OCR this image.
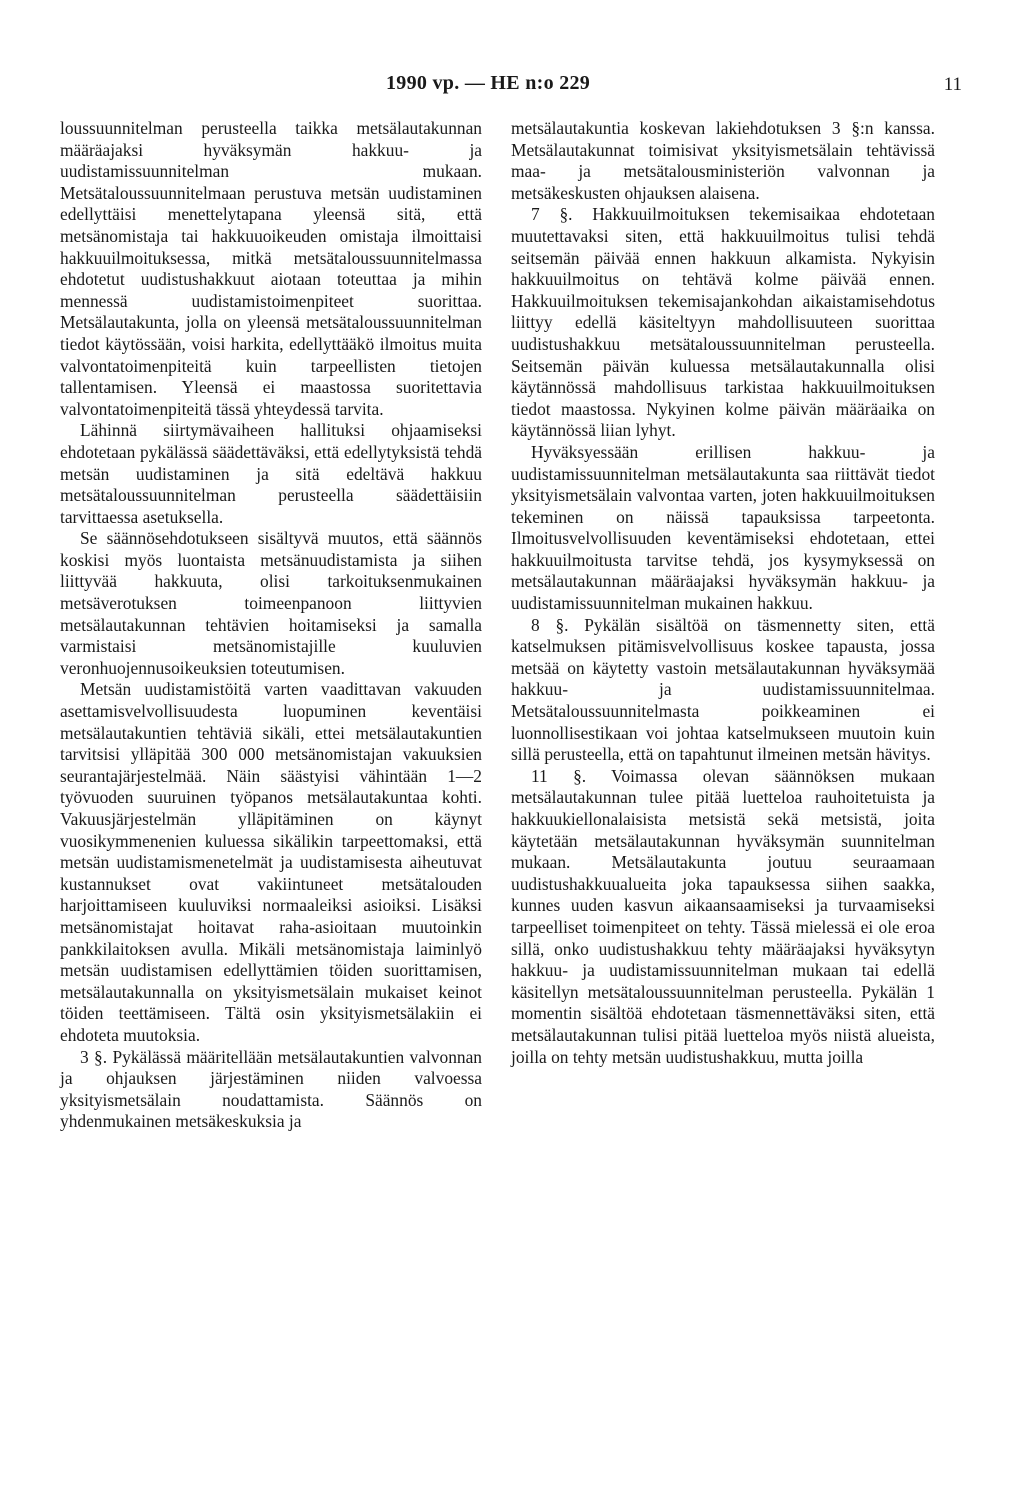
1990 vp. — HE n:o 229	11

loussuunnitelman perusteella taikka metsälautakunnan määräajaksi hyväksymän hakkuu- ja uudistamissuunnitelman mukaan. Metsätaloussuunnitelmaan perustuva metsän uudistaminen edellyttäisi menettelytapana yleensä sitä, että metsänomistaja tai hakkuuoikeuden omistaja ilmoittaisi hakkuuilmoituksessa, mitkä metsätaloussuunnitelmassa ehdotetut uudistushakkuut aiotaan toteuttaa ja mihin mennessä uudistamistoimenpiteet suorittaa. Metsälautakunta, jolla on yleensä metsätaloussuunnitelman tiedot käytössään, voisi harkita, edellyttääkö ilmoitus muita valvontatoimenpiteitä kuin tarpeellisten tietojen tallentamisen. Yleensä ei maastossa suoritettavia valvontatoimenpiteitä tässä yhteydessä tarvita.

Lähinnä siirtymävaiheen hallituksi ohjaamiseksi ehdotetaan pykälässä säädettäväksi, että edellytyksistä tehdä metsän uudistaminen ja sitä edeltävä hakkuu metsätaloussuunnitelman perusteella säädettäisiin tarvittaessa asetuksella.

Se säännösehdotukseen sisältyvä muutos, että säännös koskisi myös luontaista metsänuudistamista ja siihen liittyvää hakkuuta, olisi tarkoituksenmukainen metsäverotuksen toimeenpanoon liittyvien metsälautakunnan tehtävien hoitamiseksi ja samalla varmistaisi metsänomistajille kuuluvien veronhuojennusoikeuksien toteutumisen.

Metsän uudistamistöitä varten vaadittavan vakuuden asettamisvelvollisuudesta luopuminen keventäisi metsälautakuntien tehtäviä sikäli, ettei metsälautakuntien tarvitsisi ylläpitää 300 000 metsänomistajan vakuuksien seurantajärjestelmää. Näin säästyisi vähintään 1—2 työvuoden suuruinen työpanos metsälautakuntaa kohti. Vakuusjärjestelmän ylläpitäminen on käynyt vuosikymmenenien kuluessa sikälikin tarpeettomaksi, että metsän uudistamismenetelmät ja uudistamisesta aiheutuvat kustannukset ovat vakiintuneet metsätalouden harjoittamiseen kuuluviksi normaaleiksi asioiksi. Lisäksi metsänomistajat hoitavat raha-asioitaan muutoinkin pankkilaitoksen avulla. Mikäli metsänomistaja laiminlyö metsän uudistamisen edellyttämien töiden suorittamisen, metsälautakunnalla on yksityismetsälain mukaiset keinot töiden teettämiseen. Tältä osin yksityismetsälakiin ei ehdoteta muutoksia.

3 §. Pykälässä määritellään metsälautakuntien valvonnan ja ohjauksen järjestäminen niiden valvoessa yksityismetsälain noudattamista. Säännös on yhdenmukainen metsäkeskuksia ja

metsälautakuntia koskevan lakiehdotuksen 3 §:n kanssa. Metsälautakunnat toimisivat yksityismetsälain tehtävissä maa- ja metsätalousministeriön valvonnan ja metsäkeskusten ohjauksen alaisena.

7 §. Hakkuuilmoituksen tekemisaikaa ehdotetaan muutettavaksi siten, että hakkuuilmoitus tulisi tehdä seitsemän päivää ennen hakkuun alkamista. Nykyisin hakkuuilmoitus on tehtävä kolme päivää ennen. Hakkuuilmoituksen tekemisajankohdan aikaistamisehdotus liittyy edellä käsiteltyyn mahdollisuuteen suorittaa uudistushakkuu metsätaloussuunnitelman perusteella. Seitsemän päivän kuluessa metsälautakunnalla olisi käytännössä mahdollisuus tarkistaa hakkuuilmoituksen tiedot maastossa. Nykyinen kolme päivän määräaika on käytännössä liian lyhyt.

Hyväksyessään erillisen hakkuu- ja uudistamissuunnitelman metsälautakunta saa riittävät tiedot yksityismetsälain valvontaa varten, joten hakkuuilmoituksen tekeminen on näissä tapauksissa tarpeetonta. Ilmoitusvelvollisuuden keventämiseksi ehdotetaan, ettei hakkuuilmoitusta tarvitse tehdä, jos kysymyksessä on metsälautakunnan määräajaksi hyväksymän hakkuu- ja uudistamissuunnitelman mukainen hakkuu.

8 §. Pykälän sisältöä on täsmennetty siten, että katselmuksen pitämisvelvollisuus koskee tapausta, jossa metsää on käytetty vastoin metsälautakunnan hyväksymää hakkuu- ja uudistamissuunnitelmaa. Metsätaloussuunnitelmasta poikkeaminen ei luonnollisestikaan voi johtaa katselmukseen muutoin kuin sillä perusteella, että on tapahtunut ilmeinen metsän hävitys.

11 §. Voimassa olevan säännöksen mukaan metsälautakunnan tulee pitää luetteloa rauhoitetuista ja hakkuukiellonalaisista metsistä sekä metsistä, joita käytetään metsälautakunnan hyväksymän suunnitelman mukaan. Metsälautakunta joutuu seuraamaan uudistushakkuualueita joka tapauksessa siihen saakka, kunnes uuden kasvun aikaansaamiseksi ja turvaamiseksi tarpeelliset toimenpiteet on tehty. Tässä mielessä ei ole eroa sillä, onko uudistushakkuu tehty määräajaksi hyväksytyn hakkuu- ja uudistamissuunnitelman mukaan tai edellä käsitellyn metsätaloussuunnitelman perusteella. Pykälän 1 momentin sisältöä ehdotetaan täsmennettäväksi siten, että metsälautakunnan tulisi pitää luetteloa myös niistä alueista, joilla on tehty metsän uudistushakkuu, mutta joilla
